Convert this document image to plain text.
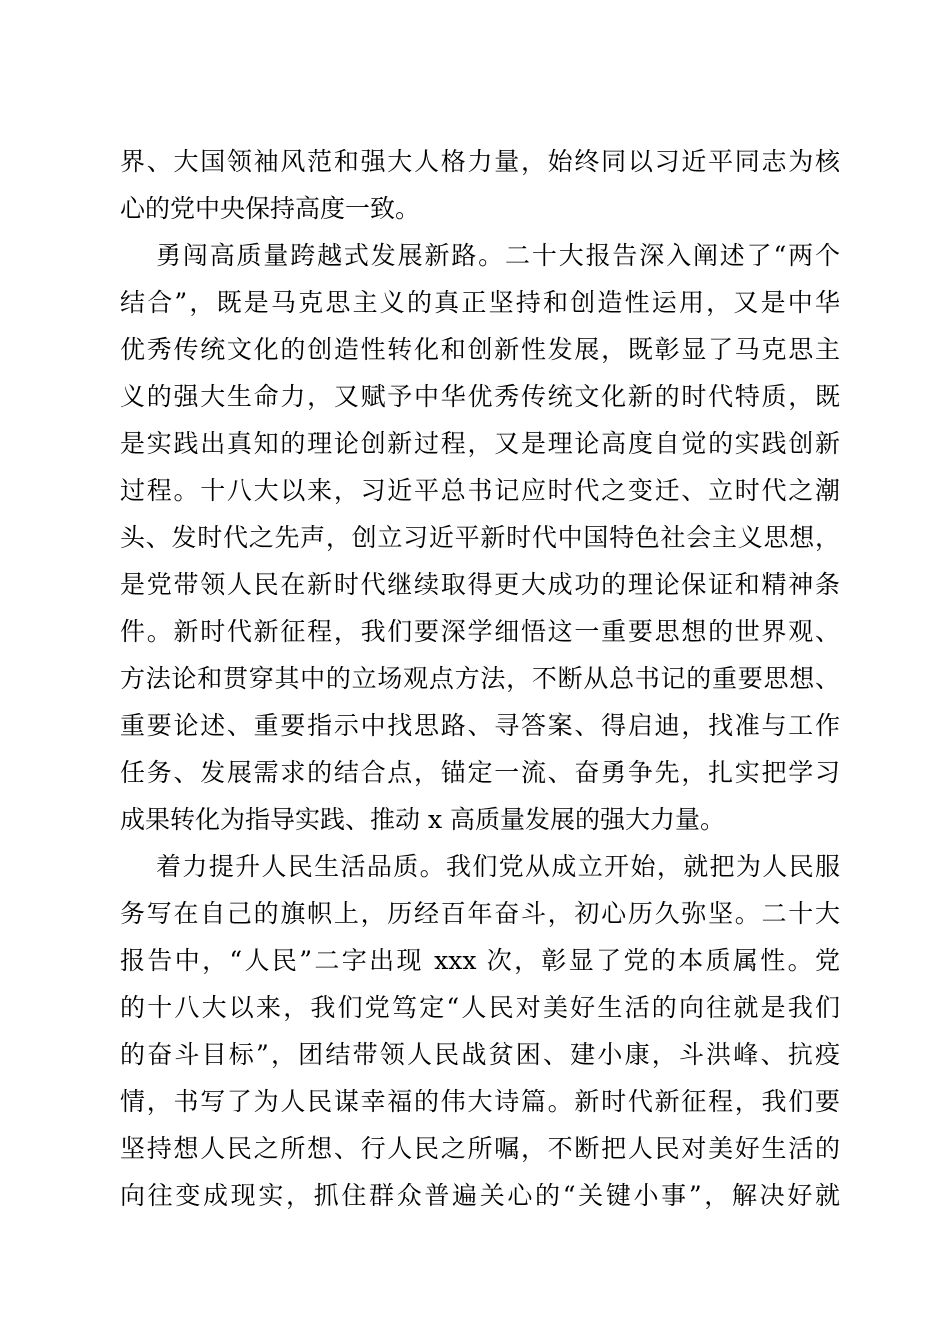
界、大国领袖风范和强大人格力量，始终同以习近平同志为核
心的党中央保持高度一致。
勇闯高质量跨越式发展新路。二十大报告深入阐述了“两个
结合”，既是马克思主义的真正坚持和创造性运用，又是中华
优秀传统文化的创造性转化和创新性发展，既彰显了马克思主
义的强大生命力，又赋予中华优秀传统文化新的时代特质，既
是实践出真知的理论创新过程，又是理论高度自觉的实践创新
过程。十八大以来，习近平总书记应时代之变迁、立时代之潮
头、发时代之先声，创立习近平新时代中国特色社会主义思想，
是党带领人民在新时代继续取得更大成功的理论保证和精神条
件。新时代新征程，我们要深学细悟这一重要思想的世界观、
方法论和贯穿其中的立场观点方法，不断从总书记的重要思想、
重要论述、重要指示中找思路、寻答案、得启迪，找准与工作
任务、发展需求的结合点，锚定一流、奋勇争先，扎实把学习
成果转化为指导实践、推动 x 高质量发展的强大力量。
着力提升人民生活品质。我们党从成立开始，就把为人民服
务写在自己的旗帜上，历经百年奋斗，初心历久弥坚。二十大
报告中，“人民”二字出现 xxx 次，彰显了党的本质属性。党
的十八大以来，我们党笃定“人民对美好生活的向往就是我们
的奋斗目标”，团结带领人民战贫困、建小康，斗洪峰、抗疫
情，书写了为人民谋幸福的伟大诗篇。新时代新征程，我们要
坚持想人民之所想、行人民之所嘱，不断把人民对美好生活的
向往变成现实，抓住群众普遍关心的“关键小事”，解决好就
